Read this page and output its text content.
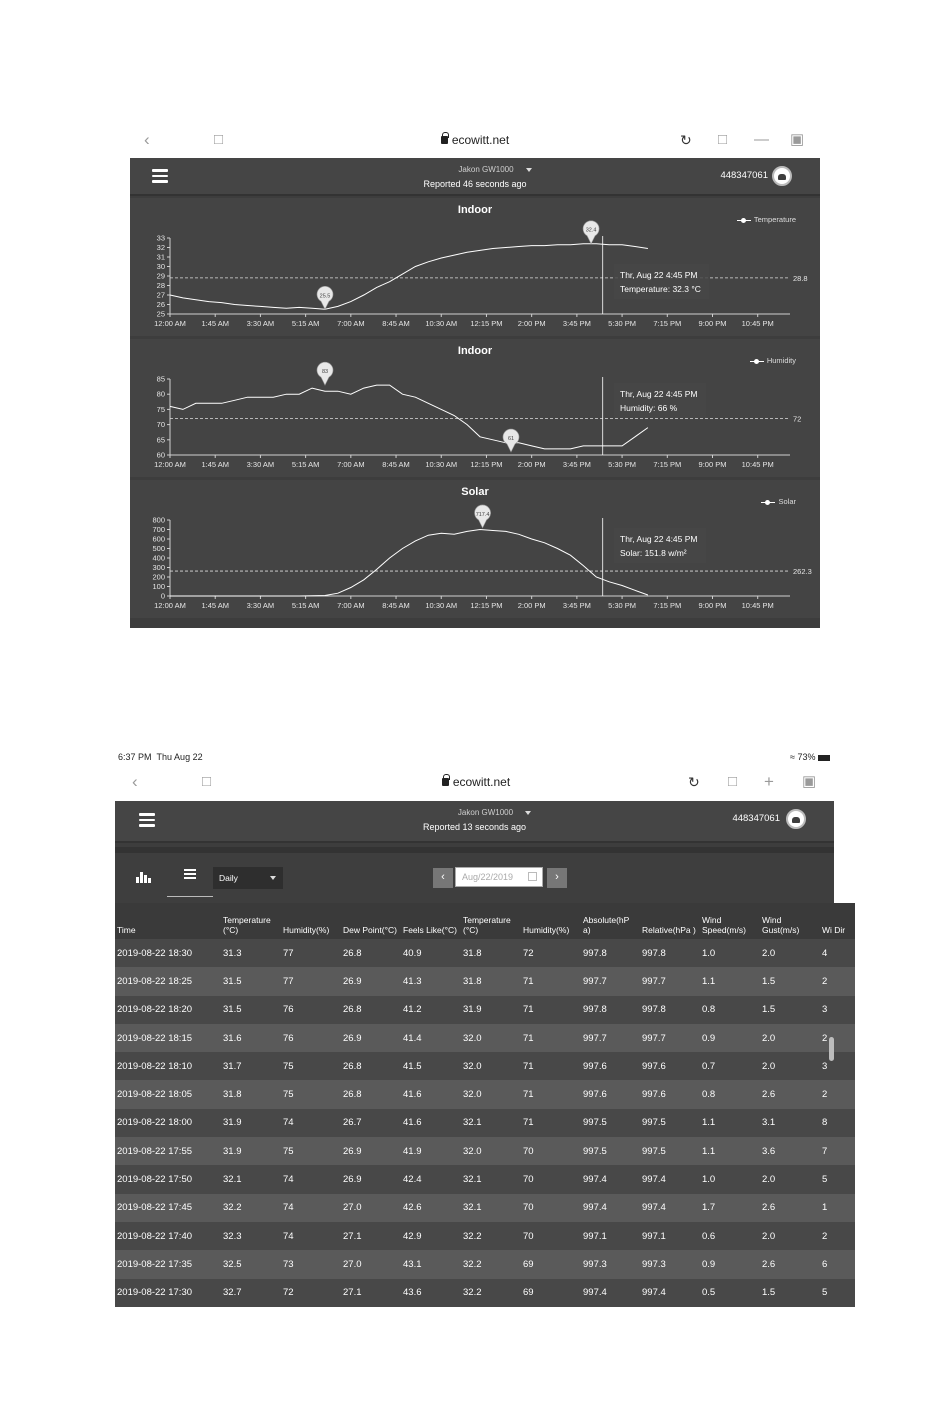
‹	□	ecowitt.net	↻ □ — ▣
Jakon GW1000
Reported 46 seconds ago
448347061
Indoor
Temperature
33
32
31
30
29
28
27
26
25
12:00 AM 1:45 AM 3:30 AM 5:15 AM 7:00 AM 8:45 AM 10:30 AM 12:15 PM 2:00 PM 3:45 PM 5:30 PM 7:15 PM 9:00 PM 10:45 PM
28.8
32.4
25.5
Thr, Aug 22 4:45 PM
Temperature: 32.3 °C
Indoor
Humidity
85
80
75
70
65
60
12:00 AM 1:45 AM 3:30 AM 5:15 AM 7:00 AM 8:45 AM 10:30 AM 12:15 PM 2:00 PM 3:45 PM 5:30 PM 7:15 PM 9:00 PM 10:45 PM
72
83
61
Thr, Aug 22 4:45 PM
Humidity: 66 %
Solar
Solar
800
700
600
500
400
300
200
100
0
12:00 AM 1:45 AM 3:30 AM 5:15 AM 7:00 AM 8:45 AM 10:30 AM 12:15 PM 2:00 PM 3:45 PM 5:30 PM 7:15 PM 9:00 PM 10:45 PM
262.3
717.4
Thr, Aug 22 4:45 PM
Solar: 151.8 w/m²
6:37 PM Thu Aug 22	≈ 73%
‹	□	ecowitt.net	↻ □ + ▣
Jakon GW1000
Reported 13 seconds ago
448347061
Daily	‹	Aug/22/2019	›
Time	Temperature (°C)	Humidity(%)	Dew Point(°C)	Feels Like(°C)	Temperature (°C)	Humidity(%)	Absolute(hP a)	Relative(hPa )	Wind Speed(m/s)	Wind Gust(m/s)	Wi Dir
2019-08-22 18:30	31.3	77	26.8	40.9	31.8	72	997.8	997.8	1.0	2.0	4
2019-08-22 18:25	31.5	77	26.9	41.3	31.8	71	997.7	997.7	1.1	1.5	2
2019-08-22 18:20	31.5	76	26.8	41.2	31.9	71	997.8	997.8	0.8	1.5	3
2019-08-22 18:15	31.6	76	26.9	41.4	32.0	71	997.7	997.7	0.9	2.0	2
2019-08-22 18:10	31.7	75	26.8	41.5	32.0	71	997.6	997.6	0.7	2.0	3
2019-08-22 18:05	31.8	75	26.8	41.6	32.0	71	997.6	997.6	0.8	2.6	2
2019-08-22 18:00	31.9	74	26.7	41.6	32.1	71	997.5	997.5	1.1	3.1	8
2019-08-22 17:55	31.9	75	26.9	41.9	32.0	70	997.5	997.5	1.1	3.6	7
2019-08-22 17:50	32.1	74	26.9	42.4	32.1	70	997.4	997.4	1.0	2.0	5
2019-08-22 17:45	32.2	74	27.0	42.6	32.1	70	997.4	997.4	1.7	2.6	1
2019-08-22 17:40	32.3	74	27.1	42.9	32.2	70	997.1	997.1	0.6	2.0	2
2019-08-22 17:35	32.5	73	27.0	43.1	32.2	69	997.3	997.3	0.9	2.6	6
2019-08-22 17:30	32.7	72	27.1	43.6	32.2	69	997.4	997.4	0.5	1.5	5
